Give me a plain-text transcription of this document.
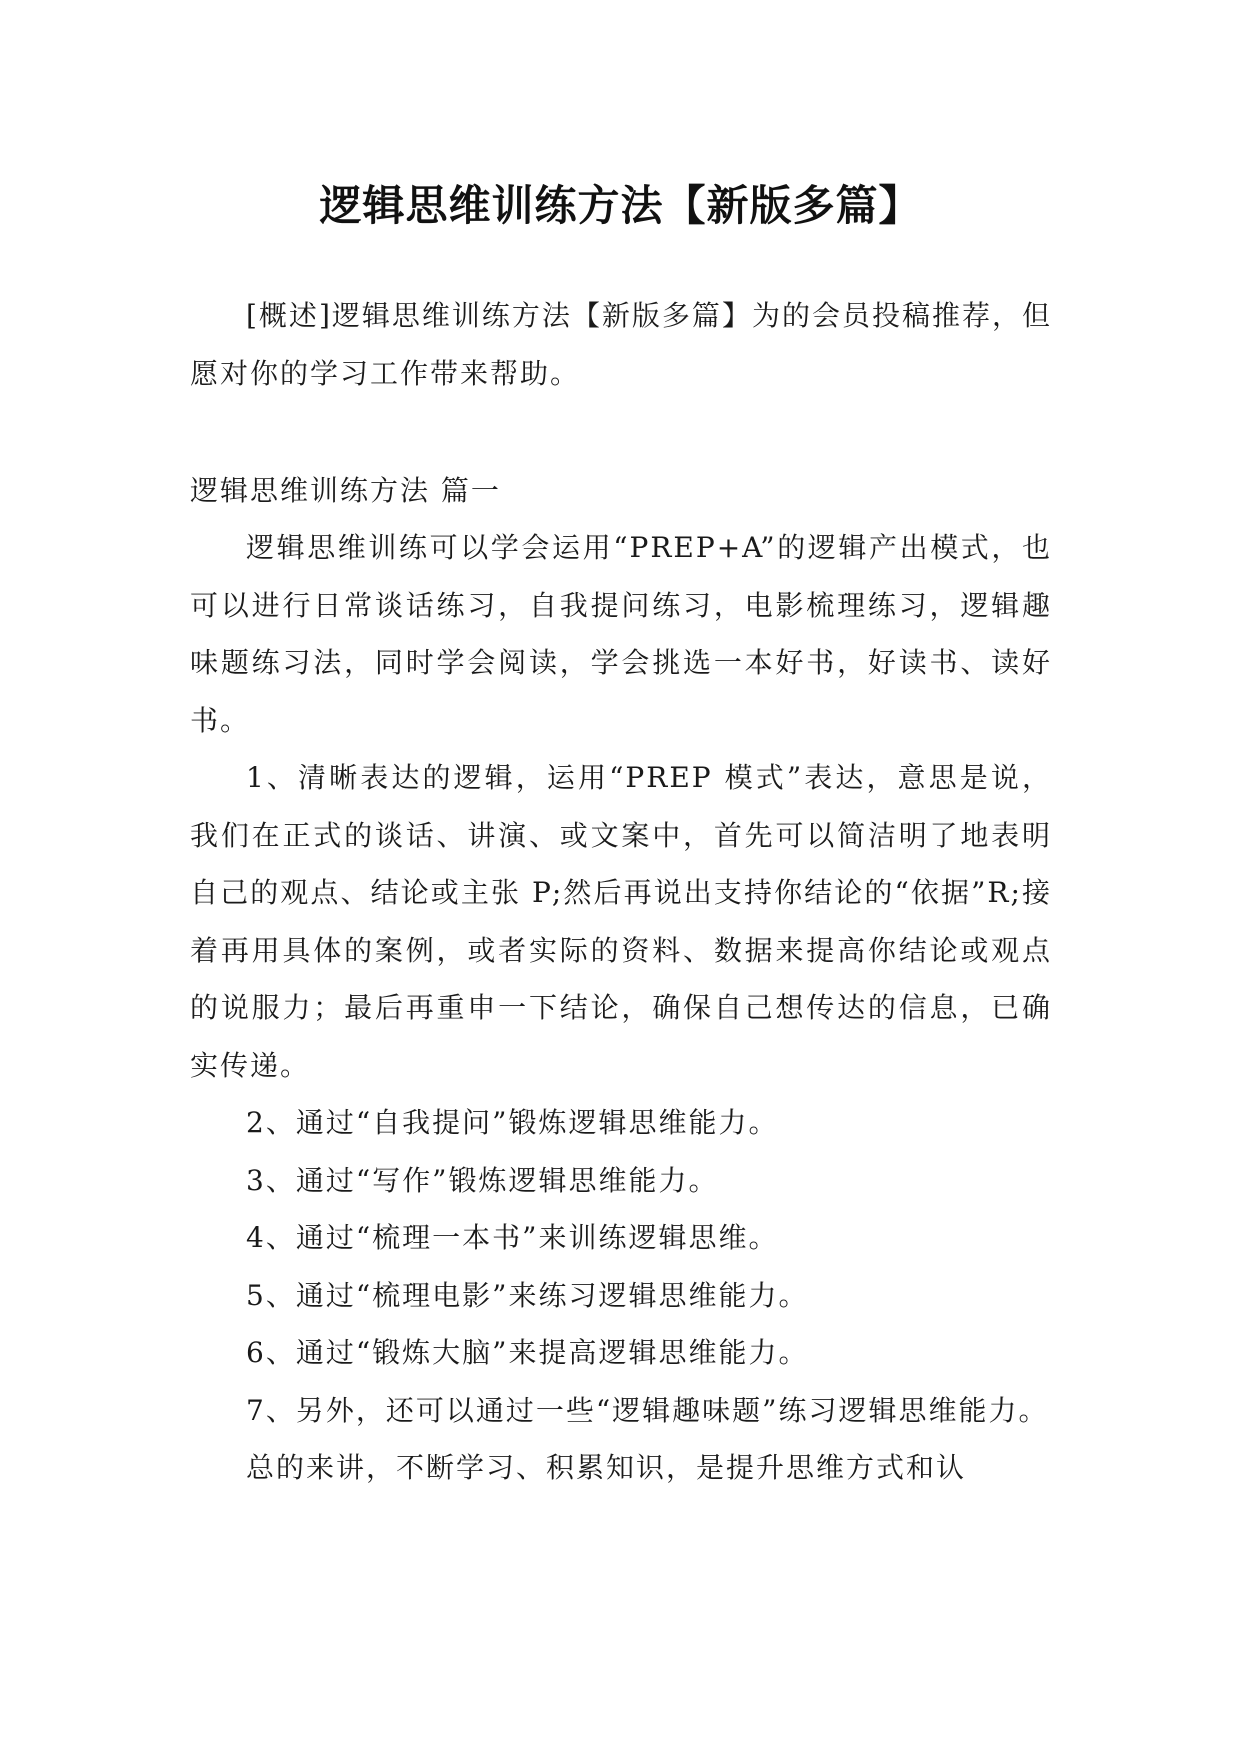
逻辑思维训练方法【新版多篇】

[概述]逻辑思维训练方法【新版多篇】为的会员投稿推荐，但愿对你的学习工作带来帮助。

逻辑思维训练方法 篇一

逻辑思维训练可以学会运用“PREP+A”的逻辑产出模式，也可以进行日常谈话练习，自我提问练习，电影梳理练习，逻辑趣味题练习法，同时学会阅读，学会挑选一本好书，好读书、读好书。

1、清晰表达的逻辑，运用“PREP 模式”表达，意思是说，我们在正式的谈话、讲演、或文案中，首先可以简洁明了地表明自己的观点、结论或主张 P;然后再说出支持你结论的“依据”R;接着再用具体的案例，或者实际的资料、数据来提高你结论或观点的说服力；最后再重申一下结论，确保自己想传达的信息，已确实传递。

2、通过“自我提问”锻炼逻辑思维能力。

3、通过“写作”锻炼逻辑思维能力。

4、通过“梳理一本书”来训练逻辑思维。

5、通过“梳理电影”来练习逻辑思维能力。

6、通过“锻炼大脑”来提高逻辑思维能力。

7、另外，还可以通过一些“逻辑趣味题”练习逻辑思维能力。

总的来讲，不断学习、积累知识，是提升思维方式和认
